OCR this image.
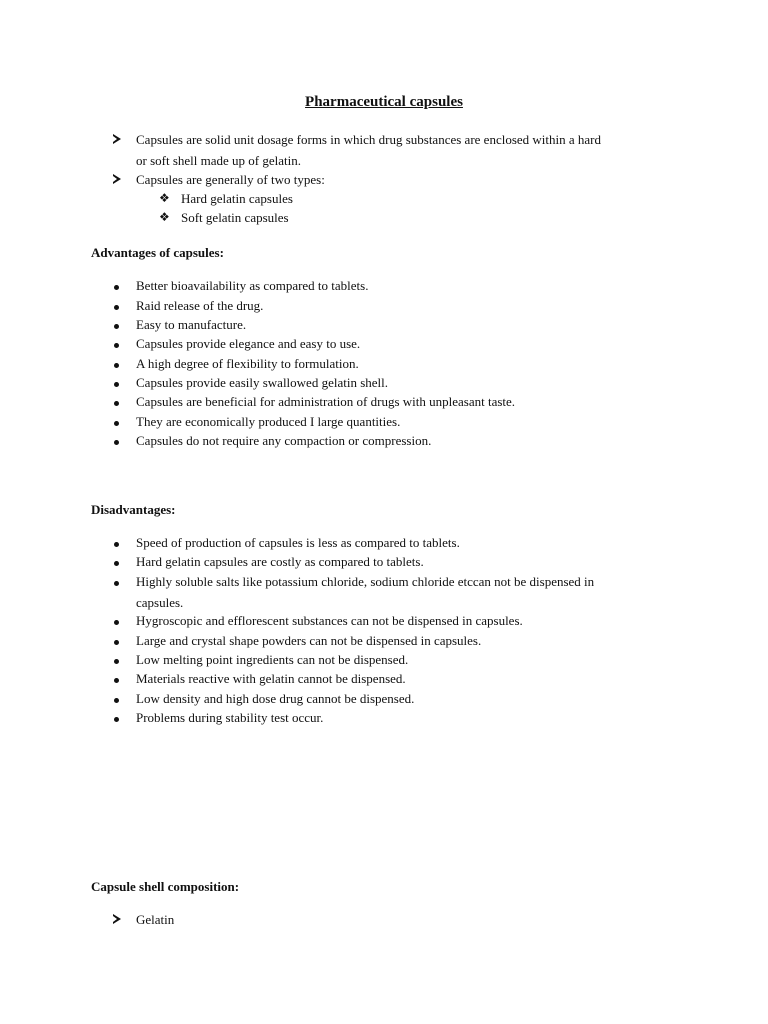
Pharmaceutical capsules
Capsules are solid unit dosage forms in which drug substances are enclosed within a hard
or soft shell made up of gelatin.
Capsules are generally of two types:
❖ Hard gelatin capsules
❖ Soft gelatin capsules
Advantages of capsules:
Better bioavailability as compared to tablets.
Raid release of the drug.
Easy to manufacture.
Capsules provide elegance and easy to use.
A high degree of flexibility to formulation.
Capsules provide easily swallowed gelatin shell.
Capsules are beneficial for administration of drugs with unpleasant taste.
They are economically produced I large quantities.
Capsules do not require any compaction or compression.
Disadvantages:
Speed of production of capsules is less as compared to tablets.
Hard gelatin capsules are costly as compared to tablets.
Highly soluble salts like potassium chloride, sodium chloride etccan not be dispensed in
capsules.
Hygroscopic and efflorescent substances can not be dispensed in capsules.
Large and crystal shape powders can not be dispensed in capsules.
Low melting point ingredients can not be dispensed.
Materials reactive with gelatin cannot be dispensed.
Low density and high dose drug cannot be dispensed.
Problems during stability test occur.
Capsule shell composition:
Gelatin
